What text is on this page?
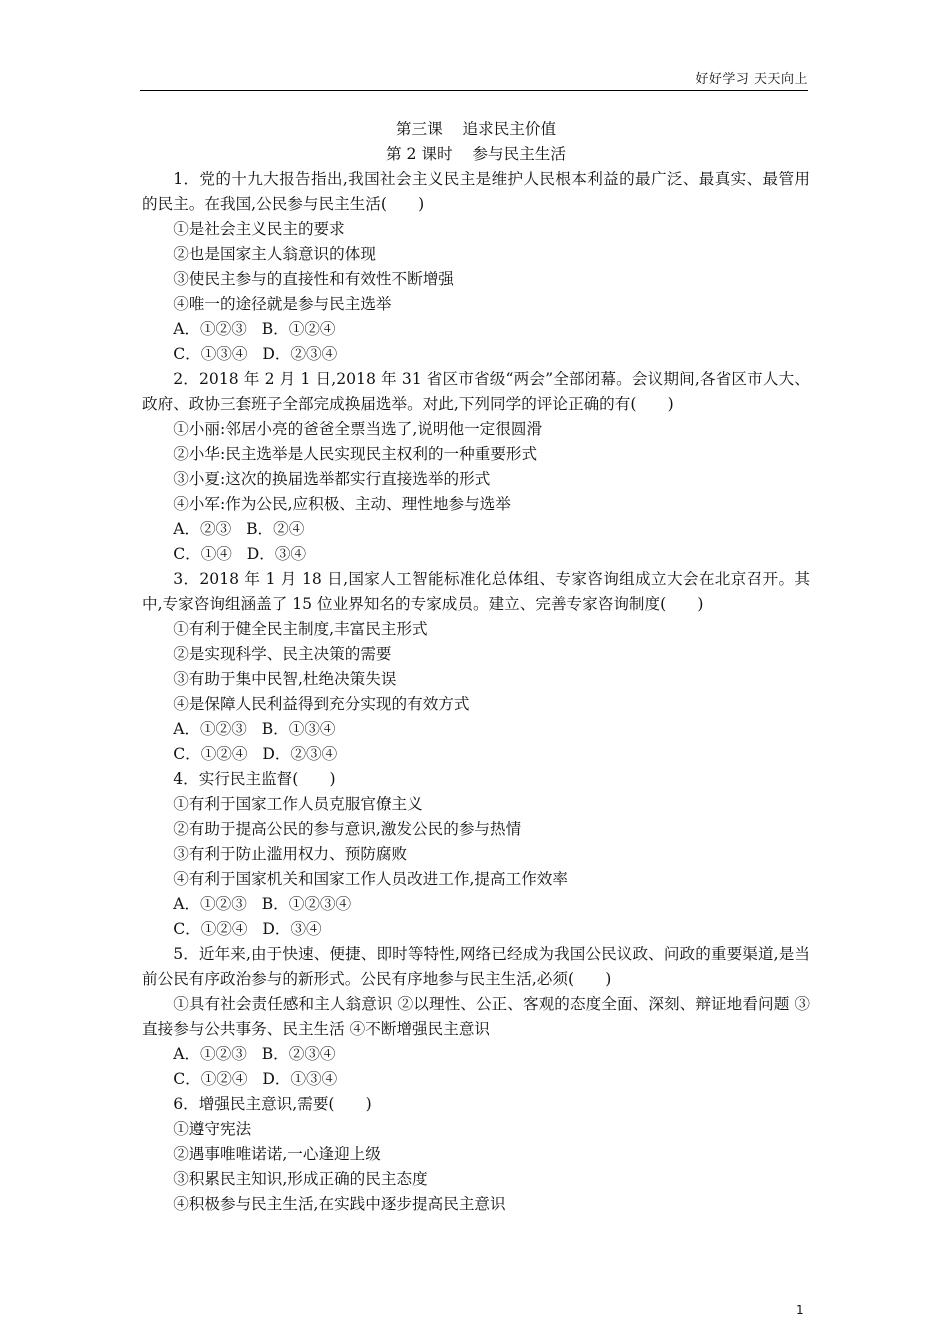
好好学习 天天向上
第三课    追求民主价值
第 2 课时    参与民主生活
1．党的十九大报告指出,我国社会主义民主是维护人民根本利益的最广泛、最真实、最管用的民主。在我国,公民参与民主生活(　　)
①是社会主义民主的要求
②也是国家主人翁意识的体现
③使民主参与的直接性和有效性不断增强
④唯一的途径就是参与民主选举
A．①②③   B．①②④
C．①③④   D．②③④
2．2018 年 2 月 1 日,2018 年 31 省区市省级“两会”全部闭幕。会议期间,各省区市人大、政府、政协三套班子全部完成换届选举。对此,下列同学的评论正确的有(　　)
①小丽:邻居小亮的爸爸全票当选了,说明他一定很圆滑
②小华:民主选举是人民实现民主权利的一种重要形式
③小夏:这次的换届选举都实行直接选举的形式
④小军:作为公民,应积极、主动、理性地参与选举
A．②③   B．②④
C．①④   D．③④
3．2018 年 1 月 18 日,国家人工智能标准化总体组、专家咨询组成立大会在北京召开。其中,专家咨询组涵盖了 15 位业界知名的专家成员。建立、完善专家咨询制度(　　)
①有利于健全民主制度,丰富民主形式
②是实现科学、民主决策的需要
③有助于集中民智,杜绝决策失误
④是保障人民利益得到充分实现的有效方式
A．①②③   B．①③④
C．①②④   D．②③④
4．实行民主监督(　　)
①有利于国家工作人员克服官僚主义
②有助于提高公民的参与意识,激发公民的参与热情
③有利于防止滥用权力、预防腐败
④有利于国家机关和国家工作人员改进工作,提高工作效率
A．①②③   B．①②③④
C．①②④   D．③④
5．近年来,由于快速、便捷、即时等特性,网络已经成为我国公民议政、问政的重要渠道,是当前公民有序政治参与的新形式。公民有序地参与民主生活,必须(　　)
①具有社会责任感和主人翁意识 ②以理性、公正、客观的态度全面、深刻、辩证地看问题 ③直接参与公共事务、民主生活 ④不断增强民主意识
A．①②③   B．②③④
C．①②④   D．①③④
6．增强民主意识,需要(　　)
①遵守宪法
②遇事唯唯诺诺,一心逢迎上级
③积累民主知识,形成正确的民主态度
④积极参与民主生活,在实践中逐步提高民主意识
1
